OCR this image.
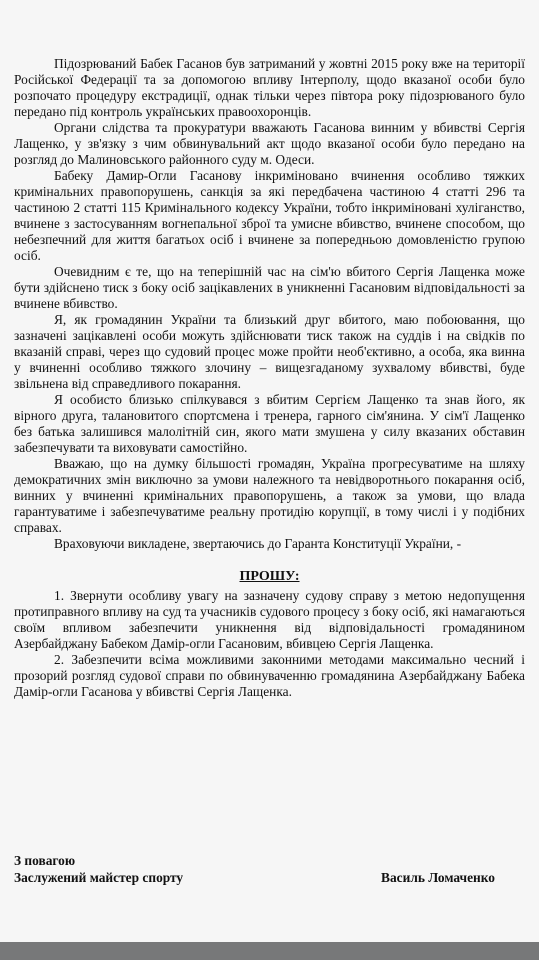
Підозрюваний Бабек Гасанов був затриманий у жовтні 2015 року вже на території Російської Федерації та за допомогою впливу Інтерполу, щодо вказаної особи було розпочато процедуру екстрадиції, однак тільки через півтора року підозрюваного було передано під контроль українських правоохоронців.

Органи слідства та прокуратури вважають Гасанова винним у вбивстві Сергія Лащенко, у зв'язку з чим обвинувальний акт щодо вказаної особи було передано на розгляд до Малиновського районного суду м. Одеси.

Бабеку Дамир-Огли Гасанову інкриміновано вчинення особливо тяжких кримінальних правопорушень, санкція за які передбачена частиною 4 статті 296 та частиною 2 статті 115 Кримінального кодексу України, тобто інкриміновані хуліганство, вчинене з застосуванням вогнепальної зброї та умисне вбивство, вчинене способом, що небезпечний для життя багатьох осіб і вчинене за попередньою домовленістю групою осіб.

Очевидним є те, що на теперішній час на сім'ю вбитого Сергія Лащенка може бути здійснено тиск з боку осіб зацікавлених в уникненні Гасановим відповідальності за вчинене вбивство.

Я, як громадянин України та близький друг вбитого, маю побоювання, що зазначені зацікавлені особи можуть здійснювати тиск також на суддів і на свідків по вказаній справі, через що судовий процес може пройти необ'єктивно, а особа, яка винна у вчиненні особливо тяжкого злочину – вищезгаданому зухвалому вбивстві, буде звільнена від справедливого покарання.

Я особисто близько спілкувався з вбитим Сергієм Лащенко та знав його, як вірного друга, талановитого спортсмена і тренера, гарного сім'янина. У сім'ї Лащенко без батька залишився малолітній син, якого мати змушена у силу вказаних обставин забезпечувати та виховувати самостійно.

Вважаю, що на думку більшості громадян, Україна прогресуватиме на шляху демократичних змін виключно за умови належного та невідворотнього покарання осіб, винних у вчиненні кримінальних правопорушень, а також за умови, що влада гарантуватиме і забезпечуватиме реальну протидію корупції, в тому числі і у подібних справах.

Враховуючи викладене, звертаючись до Гаранта Конституції України, -

ПРОШУ:

1. Звернути особливу увагу на зазначену судову справу з метою недопущення протиправного впливу на суд та учасників судового процесу з боку осіб, які намагаються своїм впливом забезпечити уникнення від відповідальності громадянином Азербайджану Бабеком Дамір-огли Гасановим, вбивцею Сергія Лащенка.

2. Забезпечити всіма можливими законними методами максимально чесний і прозорий розгляд судової справи по обвинуваченню громадянина Азербайджану Бабека Дамір-огли Гасанова у вбивстві Сергія Лащенка.

З повагою
Заслужений майстер спорту	Василь Ломаченко
